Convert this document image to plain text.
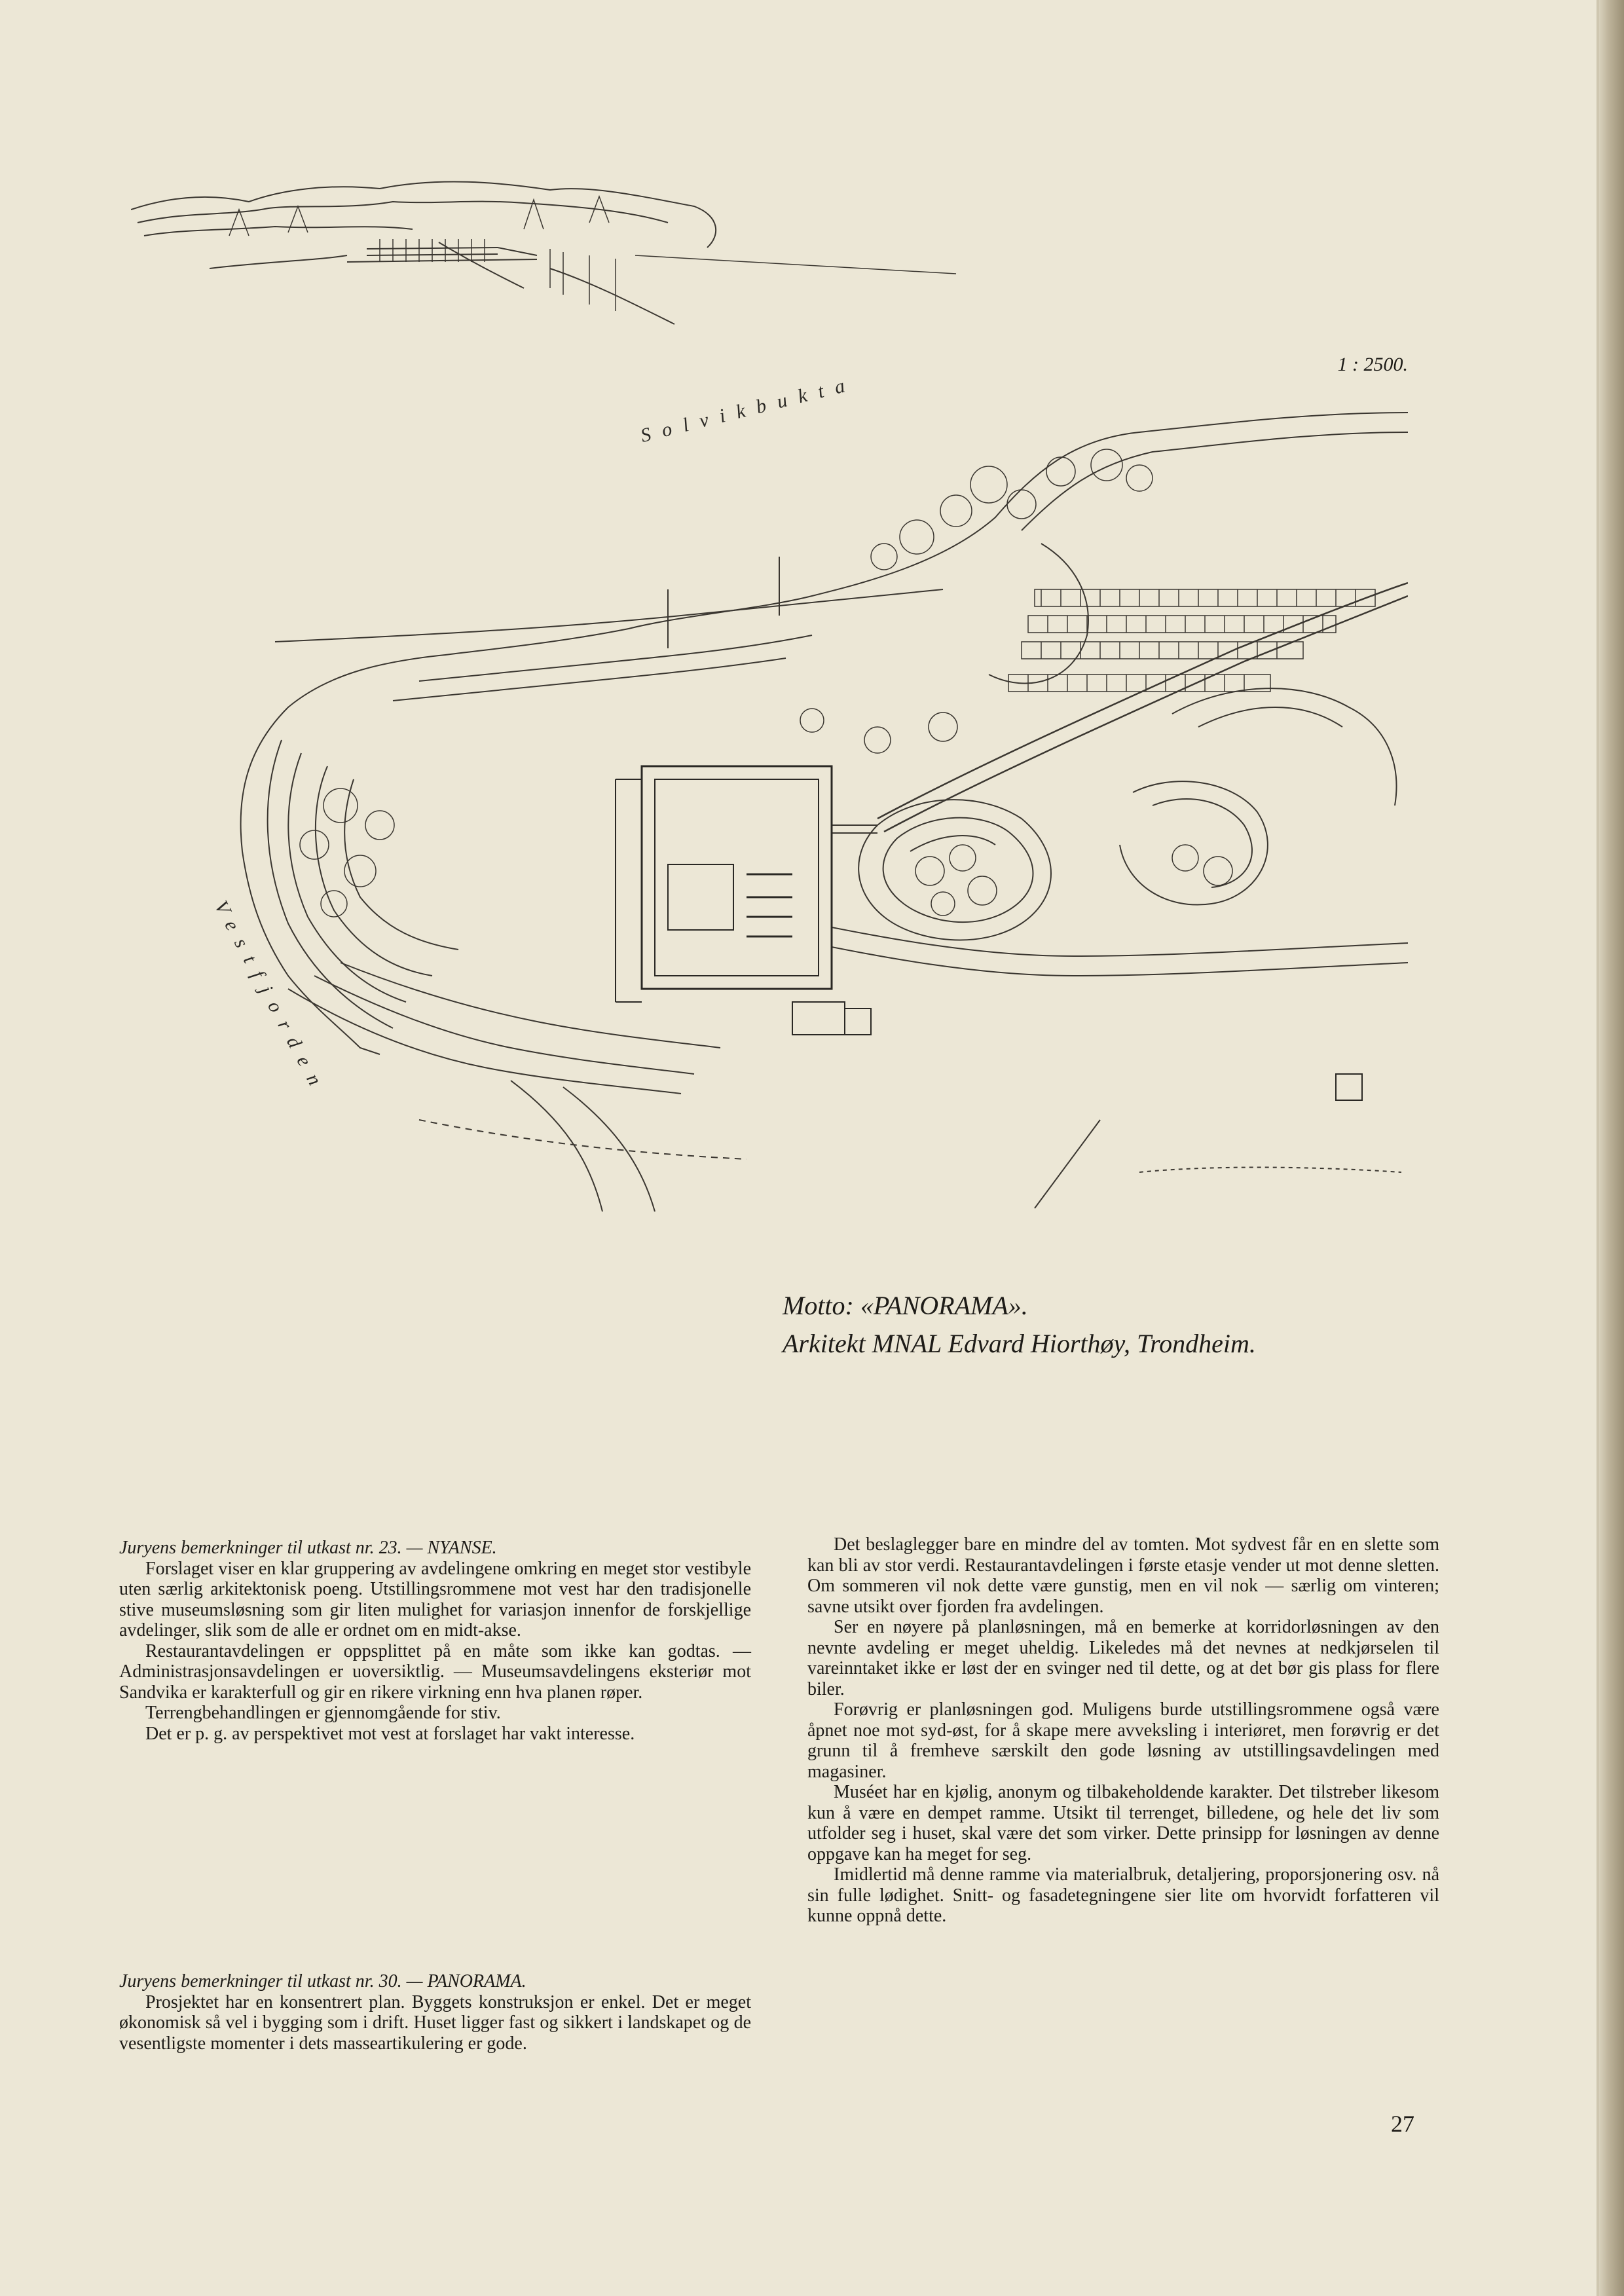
1 : 2500.
Solvikbukta
Vestfjorden
Motto: «PANORAMA».
Arkitekt MNAL Edvard Hiorthøy, Trondheim.

Juryens bemerkninger til utkast nr. 23. — NYANSE.

Forslaget viser en klar gruppering av avdelingene omkring en meget stor vestibyle uten særlig arkitektonisk poeng. Utstillingsrommene mot vest har den tradisjonelle stive museumsløsning som gir liten mulighet for variasjon innenfor de forskjellige avdelinger, slik som de alle er ordnet om en midt-akse.

Restaurantavdelingen er oppsplittet på en måte som ikke kan godtas. — Administrasjonsavdelingen er uoversiktlig. — Museumsavdelingens eksteriør mot Sandvika er karakterfull og gir en rikere virkning enn hva planen røper.

Terrengbehandlingen er gjennomgående for stiv.

Det er p. g. av perspektivet mot vest at forslaget har vakt interesse.

Juryens bemerkninger til utkast nr. 30. — PANORAMA.

Prosjektet har en konsentrert plan. Byggets konstruksjon er enkel. Det er meget økonomisk så vel i bygging som i drift. Huset ligger fast og sikkert i landskapet og de vesentligste momenter i dets masseartikulering er gode.

Det beslaglegger bare en mindre del av tomten. Mot sydvest får en en slette som kan bli av stor verdi. Restaurantavdelingen i første etasje vender ut mot denne sletten. Om sommeren vil nok dette være gunstig, men en vil nok — særlig om vinteren; savne utsikt over fjorden fra avdelingen.

Ser en nøyere på planløsningen, må en bemerke at korridorløsningen av den nevnte avdeling er meget uheldig. Likeledes må det nevnes at nedkjørselen til vareinntaket ikke er løst der en svinger ned til dette, og at det bør gis plass for flere biler.

Forøvrig er planløsningen god. Muligens burde utstillingsrommene også være åpnet noe mot syd-øst, for å skape mere avveksling i interiøret, men forøvrig er det grunn til å fremheve særskilt den gode løsning av utstillingsavdelingen med magasiner.

Muséet har en kjølig, anonym og tilbakeholdende karakter. Det tilstreber likesom kun å være en dempet ramme. Utsikt til terrenget, billedene, og hele det liv som utfolder seg i huset, skal være det som virker. Dette prinsipp for løsningen av denne oppgave kan ha meget for seg.

Imidlertid må denne ramme via materialbruk, detaljering, proporsjonering osv. nå sin fulle lødighet. Snitt- og fasadetegningene sier lite om hvorvidt forfatteren vil kunne oppnå dette.

27
